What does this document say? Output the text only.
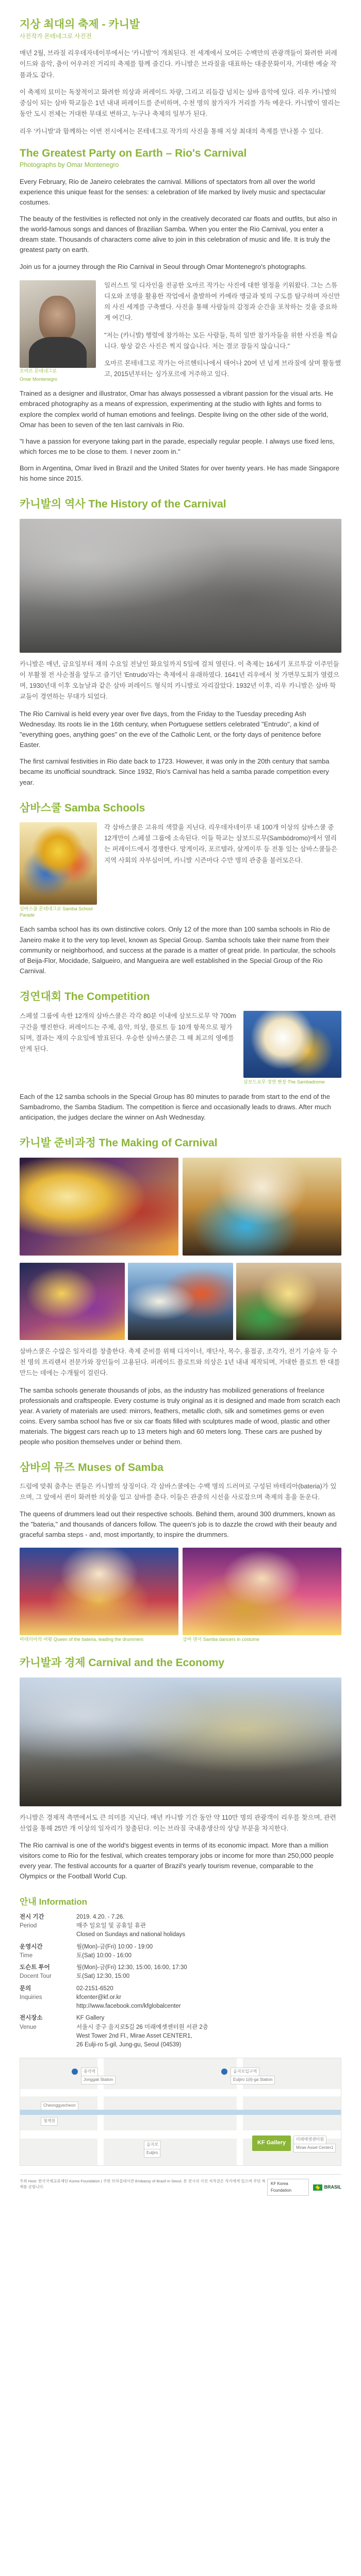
지상 최대의 축제 - 카니발
사진작가 몬테네그로 사진전

매년 2월, 브라질 리우데자네이루에서는 '카니발'이 개최된다. 전 세계에서 모여든 수백만의 관광객들이 화려한 퍼레이드와 음악, 춤이 어우러진 거리의 축제를 함께 즐긴다. 카니발은 브라질을 대표하는 대중문화이자, 거대한 예술 작품과도 같다.

이 축제의 묘미는 독창적이고 화려한 의상과 퍼레이드 차량, 그리고 리듬감 넘치는 삼바 음악에 있다. 리우 카니발의 중심이 되는 삼바 학교들은 1년 내내 퍼레이드를 준비하며, 수천 명의 참가자가 거리를 가득 메운다. 카니발이 열리는 동안 도시 전체는 거대한 무대로 변하고, 누구나 축제의 일부가 된다.

리우 '카니발'과 함께하는 이번 전시에서는 몬테네그로 작가의 사진을 통해 지상 최대의 축제를 만나볼 수 있다.

The Greatest Party on Earth – Rio's Carnival
Photographs by Omar Montenegro

Every February, Rio de Janeiro celebrates the carnival. Millions of spectators from all over the world experience this unique feast for the senses: a celebration of life marked by lively music and spectacular costumes.

The beauty of the festivities is reflected not only in the creatively decorated car floats and outfits, but also in the world-famous songs and dances of Brazilian Samba. When you enter the Rio Carnival, you enter a dream state. Thousands of characters come alive to join in this celebration of music and life. It is truly the greatest party on earth.

Join us for a journey through the Rio Carnival in Seoul through Omar Montenegro's photographs.

오마르 몬테네그로
Omar Montenegro

일러스트 및 디자인을 전공한 오마르 작가는 사진에 대한 열정을 키워왔다. 그는 스튜디오와 조명을 활용한 작업에서 출발하여 카메라 앵글과 빛의 구도를 탐구하며 자신만의 사진 세계를 구축했다. 사진을 통해 사람들의 감정과 순간을 포착하는 것을 중요하게 여긴다.

"저는 (카니발) 행렬에 참가하는 모든 사람들, 특히 일반 참가자들을 위한 사진을 찍습니다. 항상 같은 사진은 찍지 않습니다. 저는 결코 잠들지 않습니다."

오마르 몬테네그로 작가는 아르헨티나에서 태어나 20여 년 넘게 브라질에 살며 활동했고, 2015년부터는 싱가포르에 거주하고 있다.

Trained as a designer and illustrator, Omar has always possessed a vibrant passion for the visual arts. He embraced photography as a means of expression, experimenting at the studio with lights and forms to explore the complex world of human emotions and feelings. Despite living on the other side of the world, Omar has been to seven of the ten last carnivals in Rio.

"I have a passion for everyone taking part in the parade, especially regular people. I always use fixed lens, which forces me to be close to them. I never zoom in."

Born in Argentina, Omar lived in Brazil and the United States for over twenty years. He has made Singapore his home since 2015.

카니발의 역사 The History of the Carnival

카니발은 매년, 금요일부터 재의 수요일 전날인 화요일까지 5일에 걸쳐 열린다. 이 축제는 16세기 포르투갈 이주민들이 부활절 전 사순절을 앞두고 즐기던 'Entrudo'라는 축제에서 유래하였다. 1641년 리우에서 첫 가면무도회가 열렸으며, 1930년대 이후 오늘날과 같은 삼바 퍼레이드 형식의 카니발로 자리잡았다. 1932년 이후, 리우 카니발은 삼바 학교들이 경연하는 무대가 되었다.

The Rio Carnival is held every year over five days, from the Friday to the Tuesday preceding Ash Wednesday. Its roots lie in the 16th century, when Portuguese settlers celebrated "Entrudo", a kind of "everything goes, anything goes" on the eve of the Catholic Lent, or the forty days of penitence before Easter.

The first carnival festivities in Rio date back to 1723. However, it was only in the 20th century that samba became its unofficial soundtrack. Since 1932, Rio's Carnival has held a samba parade competition every year.

삼바스쿨 Samba Schools
삼바스쿨 몬테네그로 Samba School Parade

각 삼바스쿨은 고유의 색깔을 지닌다. 리우데자네이루 내 100개 이상의 삼바스쿨 중 12개만이 스페셜 그룹에 소속된다. 이들 학교는 삼보드로무(Sambódromo)에서 열리는 퍼레이드에서 경쟁한다. 망게이라, 포르텔라, 살게이루 등 전통 있는 삼바스쿨들은 지역 사회의 자부심이며, 카니발 시즌마다 수만 명의 관중을 불러모은다.

Each samba school has its own distinctive colors. Only 12 of the more than 100 samba schools in Rio de Janeiro make it to the very top level, known as Special Group. Samba schools take their name from their community or neighborhood, and success at the parade is a matter of great pride. In particular, the schools of Beija-Flor, Mocidade, Salgueiro, and Mangueira are well established in the Special Group of the Rio Carnival.

경연대회 The Competition

스페셜 그룹에 속한 12개의 삼바스쿨은 각각 80분 이내에 삼보드로무 약 700m 구간을 행진한다. 퍼레이드는 주제, 음악, 의상, 플로트 등 10개 항목으로 평가되며, 결과는 재의 수요일에 발표된다. 우승한 삼바스쿨은 그 해 최고의 영예를 안게 된다.

삼보드로무 경연 현장 The Sambadrome

Each of the 12 samba schools in the Special Group has 80 minutes to parade from start to the end of the Sambadromo, the Samba Stadium. The competition is fierce and occasionally leads to draws. After much anticipation, the judges declare the winner on Ash Wednesday.

카니발 준비과정 The Making of Carnival

삼바스쿨은 수많은 일자리를 창출한다. 축제 준비를 위해 디자이너, 재단사, 목수, 용접공, 조각가, 전기 기술자 등 수천 명의 프리랜서 전문가와 장인들이 고용된다. 퍼레이드 플로트와 의상은 1년 내내 제작되며, 거대한 플로트 한 대를 만드는 데에는 수개월이 걸린다.

The samba schools generate thousands of jobs, as the industry has mobilized generations of freelance professionals and craftspeople. Every costume is truly original as it is designed and made from scratch each year. A variety of materials are used: mirrors, feathers, metallic cloth, silk and sometimes gems or even coins. Every samba school has five or six car floats filled with sculptures made of wood, plastic and other materials. The biggest cars reach up to 13 meters high and 60 meters long. These cars are pushed by people who position themselves under or behind them.

삼바의 뮤즈 Muses of Samba

드럼에 맞춰 춤추는 퀸들은 카니발의 상징이다. 각 삼바스쿨에는 수백 명의 드러머로 구성된 바테리아(bateria)가 있으며, 그 앞에서 퀸이 화려한 의상을 입고 삼바를 춘다. 이들은 관중의 시선을 사로잡으며 축제의 흥을 돋운다.

The queens of drummers lead out their respective schools. Behind them, around 300 drummers, known as the "bateria," and thousands of dancers follow. The queen's job is to dazzle the crowd with their beauty and graceful samba steps - and, most importantly, to inspire the drummers.

바테리아의 여왕 Queen of the bateria, leading the drummers	삼바 댄서 Samba dancers in costume
카니발과 경제 Carnival and the Economy

카니발은 경제적 측면에서도 큰 의미를 지닌다. 매년 카니발 기간 동안 약 110만 명의 관광객이 리우를 찾으며, 관련 산업을 통해 25만 개 이상의 일자리가 창출된다. 이는 브라질 국내총생산의 상당 부분을 차지한다.

The Rio carnival is one of the world's biggest events in terms of its economic impact. More than a million visitors come to Rio for the festival, which creates temporary jobs or income for more than 250,000 people every year. The festival accounts for a quarter of Brazil's yearly tourism revenue, comparable to the Olympics or the Football World Cup.

안내 Information
전시 기간
Period
2019. 4.20. - 7.26.
매주 일요일 및 공휴일 휴관
Closed on Sundays and national holidays
운영시간
Time
월(Mon)-금(Fri) 10:00 - 19:00
토(Sat) 10:00 - 16:00
도슨트 투어
Docent Tour
월(Mon)-금(Fri) 12:30, 15:00, 16:00, 17:30
토(Sat) 12:30, 15:00
문의
Inquiries
02-2151-6520
kfcenter@kf.or.kr
http://www.facebook.com/kfglobalcenter
전시장소
Venue
KF Gallery
서울시 중구 을지로5길 26 미래에셋센터원 서관 2층
West Tower 2nd Fl., Mirae Asset CENTER1,
26 Eulji-ro 5-gil, Jung-gu, Seoul (04539)
종각역
Jonggak Station
을지로입구역
Euljiro 1(il)-ga Station
청계천
Cheonggyecheon
을지로
Euljiro
KF Gallery
미래에셋센터원
Mirae Asset Center1
주최 Host: 한국국제교류재단 Korea Foundation | 주한 브라질대사관 Embassy of Brazil in Seoul. 본 전시의 사진 저작권은 작가에게 있으며 무단 복제를 금합니다.
KF Korea Foundation
BRASIL
